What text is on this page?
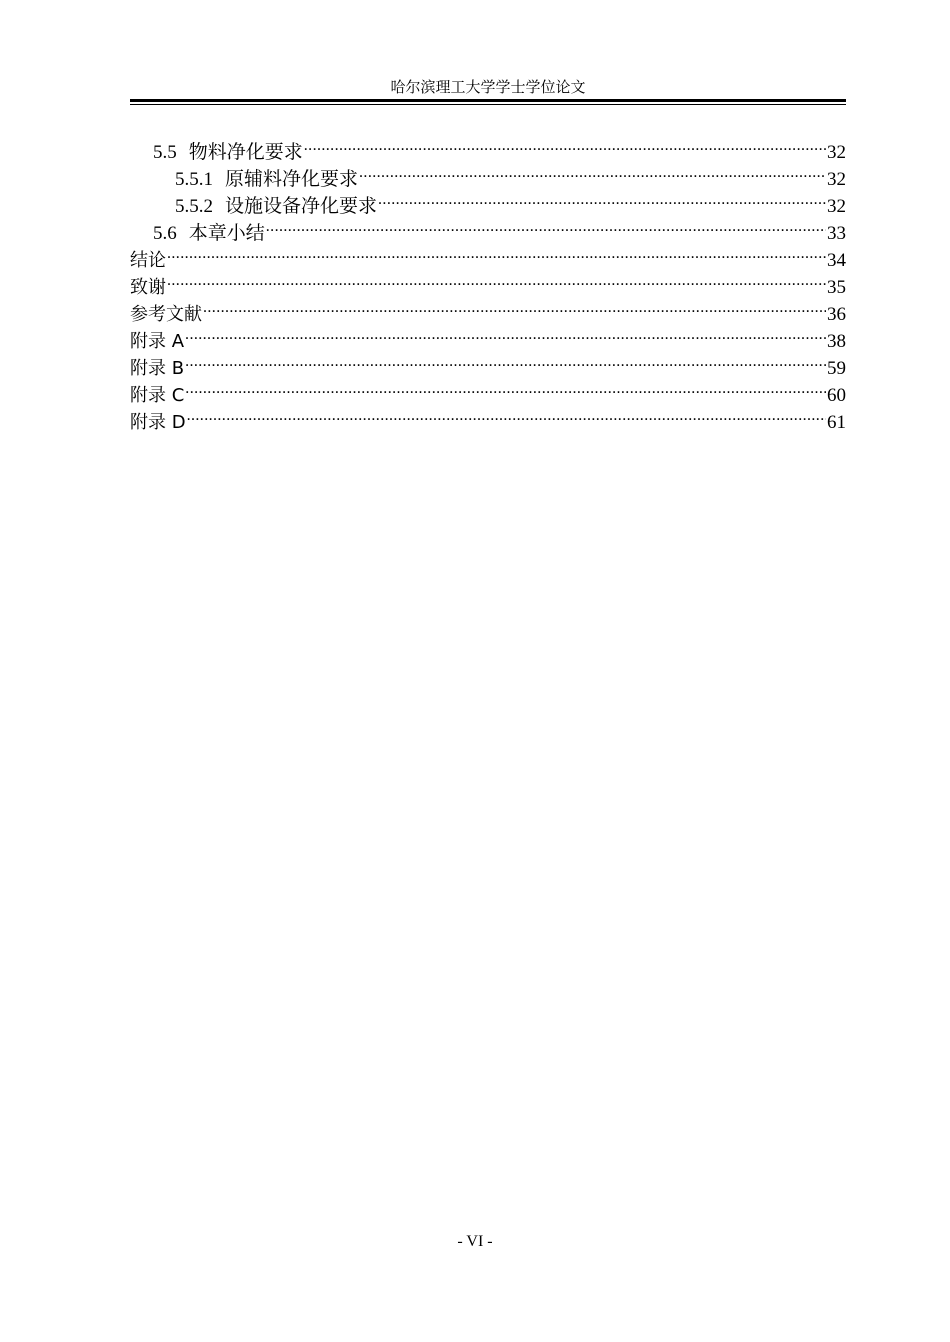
哈尔滨理工大学学士学位论文
5.5 物料净化要求 .....	32
5.5.1 原辅料净化要求 .....	32
5.5.2 设施设备净化要求 .....	32
5.6 本章小结 .....	33
结论 .....	34
致谢 .....	35
参考文献 .....	36
附录 A .....	38
附录 B .....	59
附录 C .....	60
附录 D .....	61
- VI -
